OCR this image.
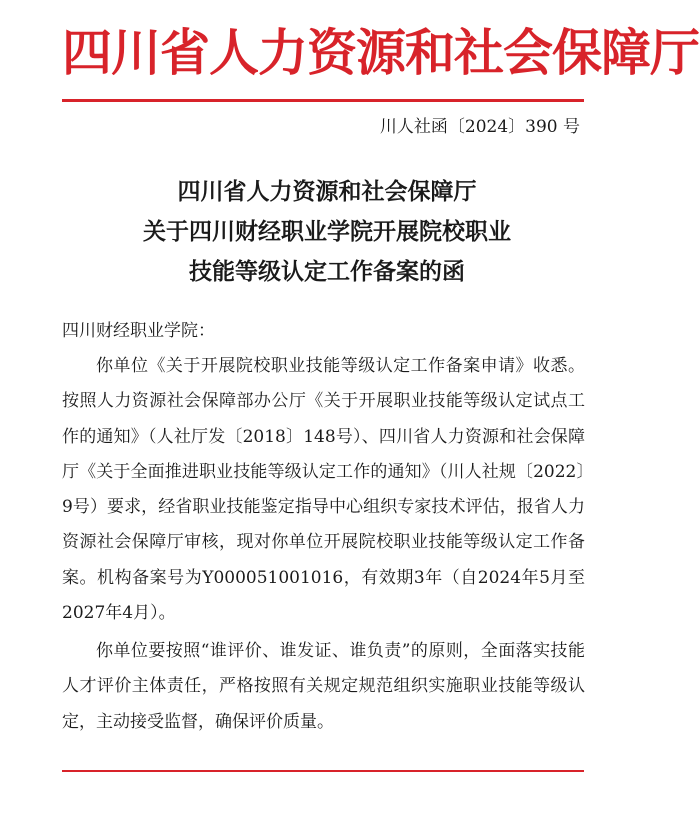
四川省人力资源和社会保障厅
川人社函〔2024〕390 号
四川省人力资源和社会保障厅
关于四川财经职业学院开展院校职业
技能等级认定工作备案的函
四川财经职业学院：

你单位《关于开展院校职业技能等级认定工作备案申请》收悉。按照人力资源社会保障部办公厅《关于开展职业技能等级认定试点工作的通知》（人社厅发〔2018〕148号）、四川省人力资源和社会保障厅《关于全面推进职业技能等级认定工作的通知》（川人社规〔2022〕9号）要求，经省职业技能鉴定指导中心组织专家技术评估，报省人力资源社会保障厅审核，现对你单位开展院校职业技能等级认定工作备案。机构备案号为Y000051001016，有效期3年（自2024年5月至2027年4月）。

你单位要按照“谁评价、谁发证、谁负责”的原则，全面落实技能人才评价主体责任，严格按照有关规定规范组织实施职业技能等级认定，主动接受监督，确保评价质量。
